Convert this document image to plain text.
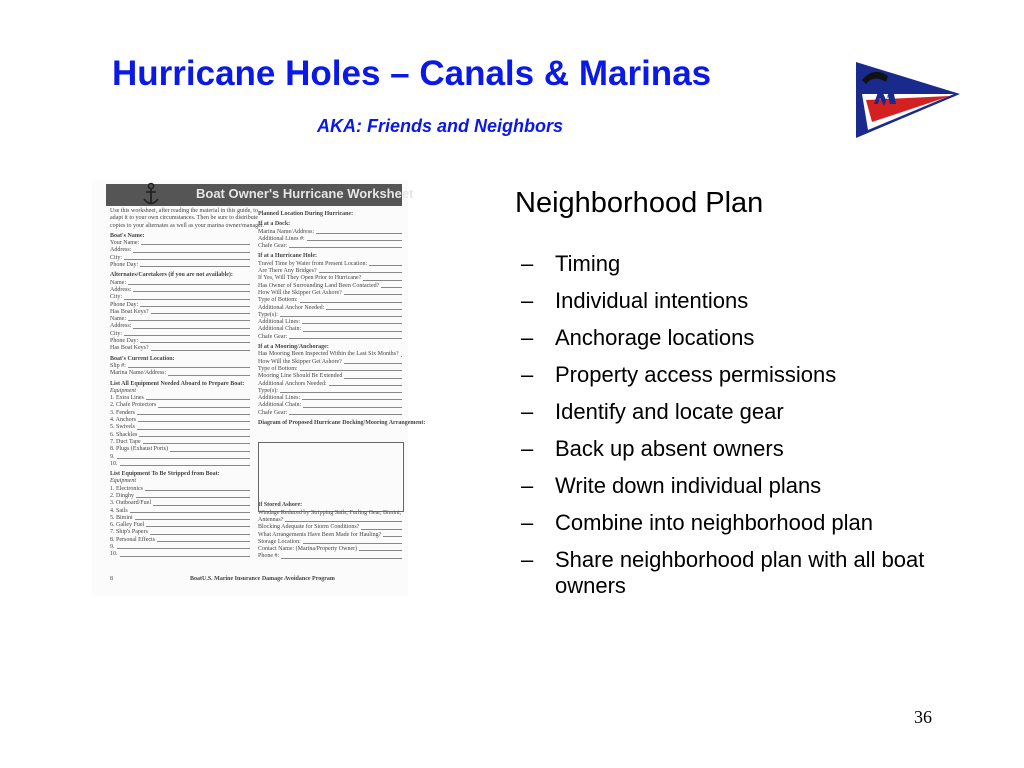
Hurricane Holes – Canals & Marinas
AKA: Friends and Neighbors
Boat Owner's Hurricane Worksheet
Use this worksheet, after reading the material in this guide, to
adapt it to your own circumstances. Then be sure to distribute
copies to your alternates as well as your marina owner/manager.
Boat's Name:
Your Name:
Address:
City:
Phone Day:
Alternates/Caretakers (if you are not available):
Name:
Address:
City:
Phone Day:
Has Boat Keys?
Name:
Address:
City:
Phone Day:
Has Boat Keys?
Boat's Current Location:
Slip #:
Marina Name/Address:
List All Equipment Needed Aboard to Prepare Boat:
Equipment
1. Extra Lines
2. Chafe Protectors
3. Fenders
4. Anchors
5. Swivels
6. Shackles
7. Duct Tape
8. Plugs (Exhaust Ports)
9.
10.
List Equipment To Be Stripped from Boat:
Equipment
1. Electronics
2. Dinghy
3. Outboard/Fuel
4. Sails
5. Bimini
6. Galley Fuel
7. Ship's Papers
8. Personal Effects
9.
10.
Planned Location During Hurricane:
If at a Dock:
Marina Name/Address:
Additional Lines #:
Chafe Gear:
If at a Hurricane Hole:
Travel Time by Water from Present Location:
Are There Any Bridges?
If Yes, Will They Open Prior to Hurricane?
Has Owner of Surrounding Land Been Contacted?
How Will the Skipper Get Ashore?
Type of Bottom:
Additional Anchor Needed:
Type(s):
Additional Lines:
Additional Chain:
Chafe Gear:
If at a Mooring/Anchorage:
Has Mooring Been Inspected Within the Last Six Months?
How Will the Skipper Get Ashore?
Type of Bottom:
Mooring Line Should Be Extended
Additional Anchors Needed:
Type(s):
Additional Lines:
Additional Chain:
Chafe Gear:
Diagram of Proposed Hurricane Docking/Mooring Arrangement:
If Stored Ashore:
Windage Reduced by Stripping Sails, Furling Gear, Bimini,
Antennas?
Blocking Adequate for Storm Conditions?
What Arrangements Have Been Made for Hauling?
Storage Location:
Contact Name: (Marina/Property Owner)
Phone #:
8	BoatU.S. Marine Insurance Damage Avoidance Program
Neighborhood Plan
– Timing
– Individual intentions
– Anchorage locations
– Property access permissions
– Identify and locate gear
– Back up absent owners
– Write down individual plans
– Combine into neighborhood plan
– Share neighborhood plan with all boat owners
36
